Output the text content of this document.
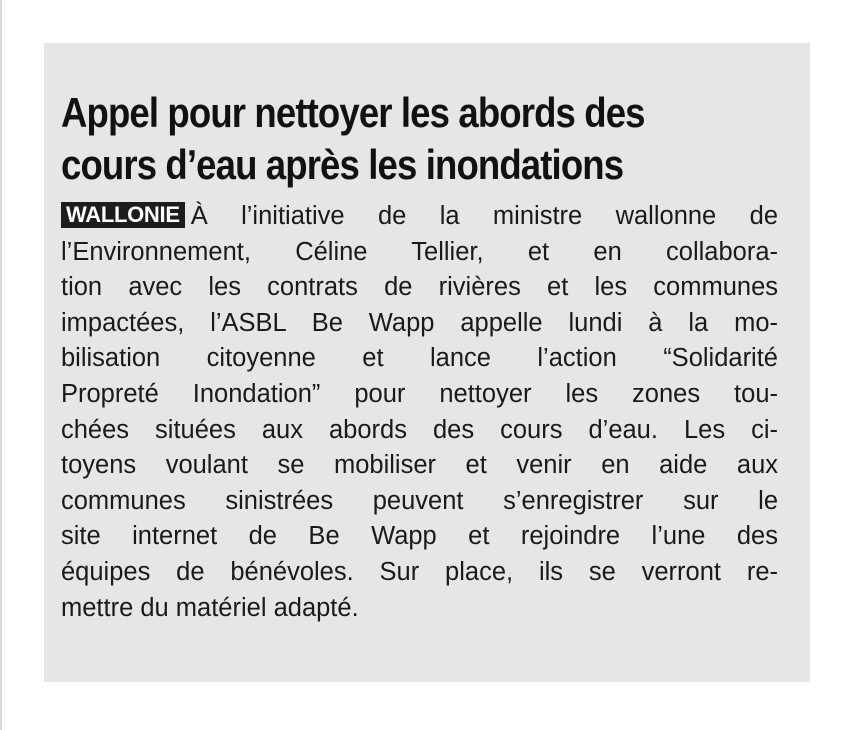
Appel pour nettoyer les abords des
cours d’eau après les inondations
WALLONIE À l’initiative de la ministre wallonne de
l’Environnement, Céline Tellier, et en collabora-
tion avec les contrats de rivières et les communes
impactées, l’ASBL Be Wapp appelle lundi à la mo-
bilisation citoyenne et lance l’action “Solidarité
Propreté Inondation” pour nettoyer les zones tou-
chées situées aux abords des cours d’eau. Les ci-
toyens voulant se mobiliser et venir en aide aux
communes sinistrées peuvent s’enregistrer sur le
site internet de Be Wapp et rejoindre l’une des
équipes de bénévoles. Sur place, ils se verront re-
mettre du matériel adapté.
